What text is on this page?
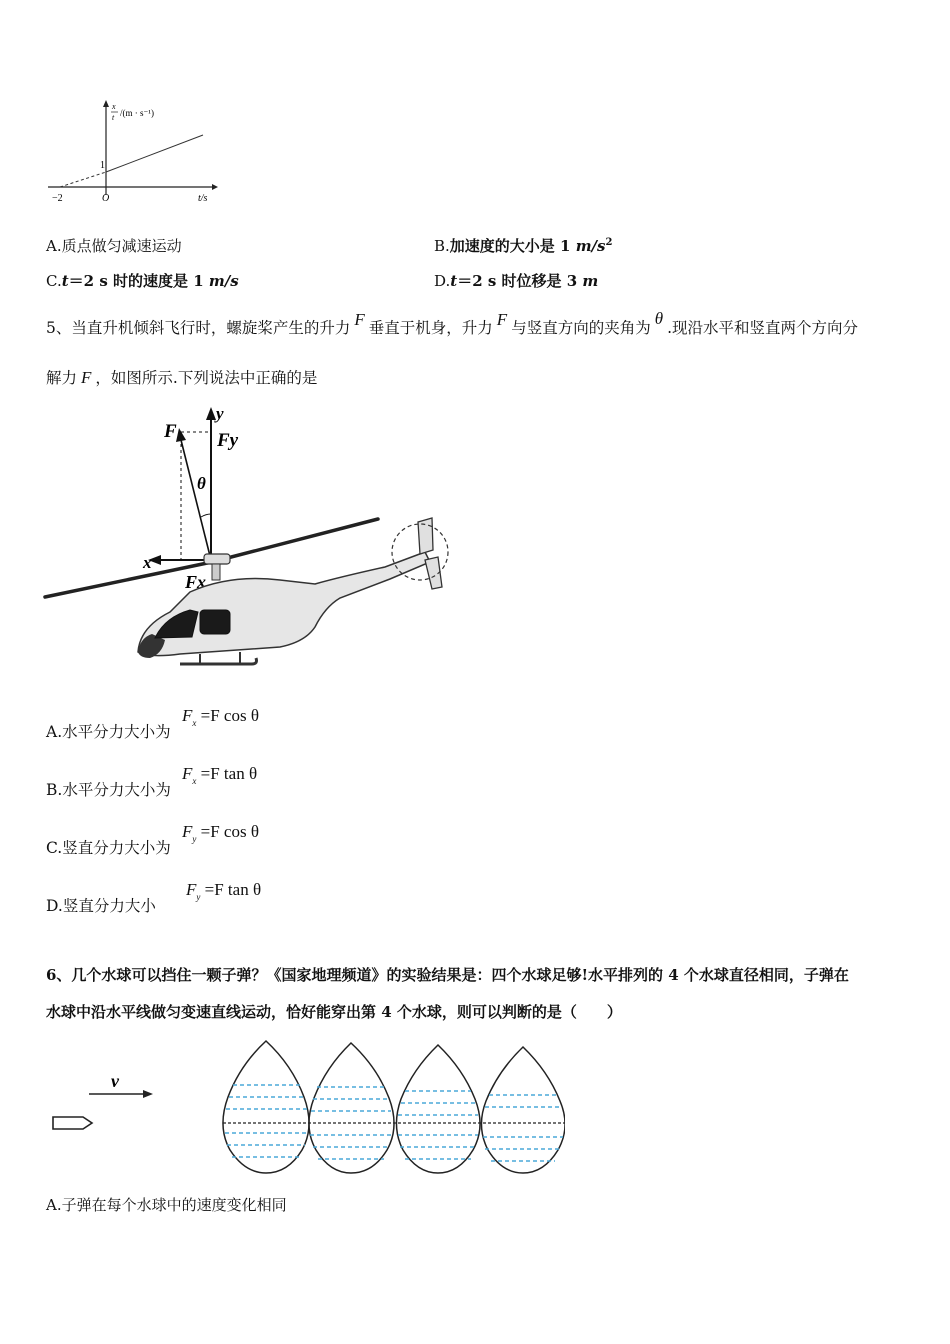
x
t /(m · s⁻¹)
1
O
−2	t/s
A.质点做匀减速运动	B.加速度的大小是 1 $m/s^2$
C.t＝2 s 时的速度是 1 m/s	D.t＝2 s 时位移是 3 m
5、当直升机倾斜飞行时，螺旋桨产生的升力 F 垂直于机身，升力 F 与竖直方向的夹角为 θ .现沿水平和竖直两个方向分
解力 F ，如图所示.下列说法中正确的是
F Fy
y
x
Fx
θ
A.水平分力大小为
$F_x =F$ cos θ
B.水平分力大小为
$F_x =F$ tan θ
C.竖直分力大小为
$F_y =F$ cos θ
D.竖直分力大小
$F_y =F$ tan θ
6、几个水球可以挡住一颗子弹？《国家地理频道》的实验结果是：四个水球足够!水平排列的 4 个水球直径相同，子弹在
水球中沿水平线做匀变速直线运动，恰好能穿出第 4 个水球，则可以判断的是（　　）
v
A.子弹在每个水球中的速度变化相同
